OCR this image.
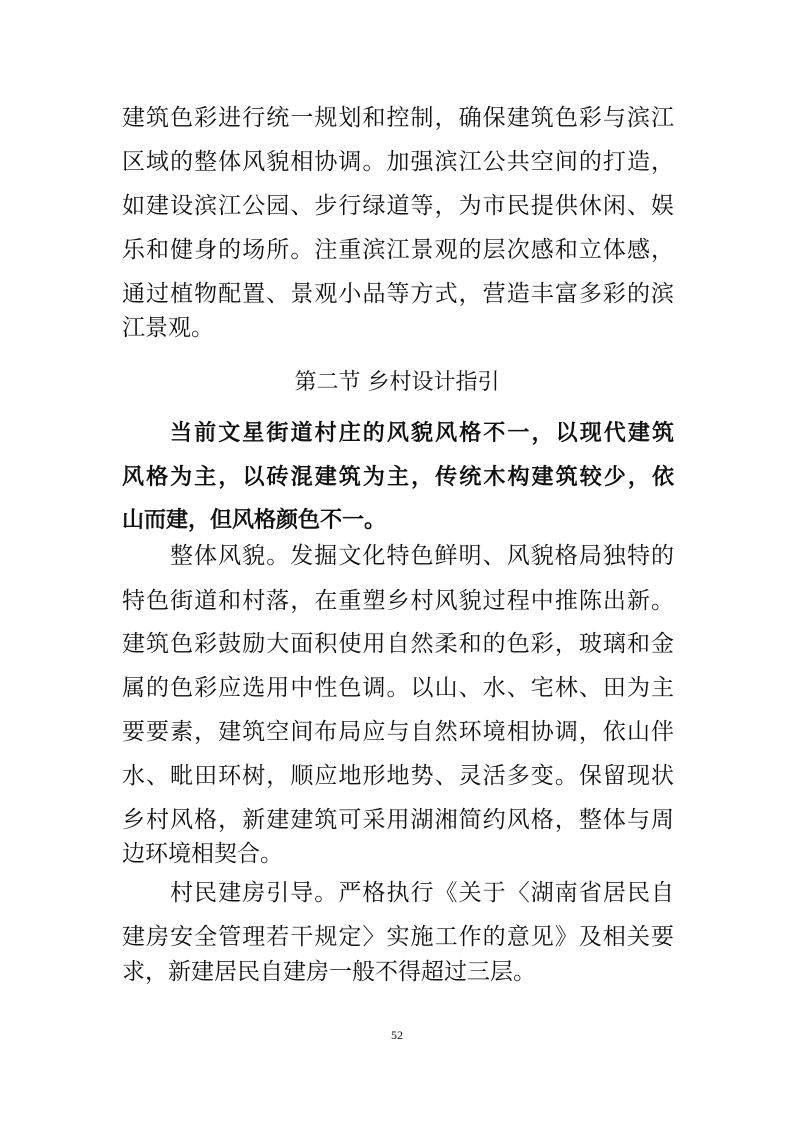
建筑色彩进行统一规划和控制，确保建筑色彩与滨江

区域的整体风貌相协调。加强滨江公共空间的打造，

如建设滨江公园、步行绿道等，为市民提供休闲、娱

乐和健身的场所。注重滨江景观的层次感和立体感，

通过植物配置、景观小品等方式，营造丰富多彩的滨

江景观。

第二节 乡村设计指引

当前文星街道村庄的风貌风格不一，以现代建筑

风格为主，以砖混建筑为主，传统木构建筑较少，依

山而建，但风格颜色不一。

整体风貌。发掘文化特色鲜明、风貌格局独特的

特色街道和村落，在重塑乡村风貌过程中推陈出新。

建筑色彩鼓励大面积使用自然柔和的色彩，玻璃和金

属的色彩应选用中性色调。以山、水、宅林、田为主

要要素，建筑空间布局应与自然环境相协调，依山伴

水、毗田环树，顺应地形地势、灵活多变。保留现状

乡村风格，新建建筑可采用湖湘简约风格，整体与周

边环境相契合。

村民建房引导。严格执行《关于〈湖南省居民自

建房安全管理若干规定〉实施工作的意见》及相关要

求，新建居民自建房一般不得超过三层。

52
